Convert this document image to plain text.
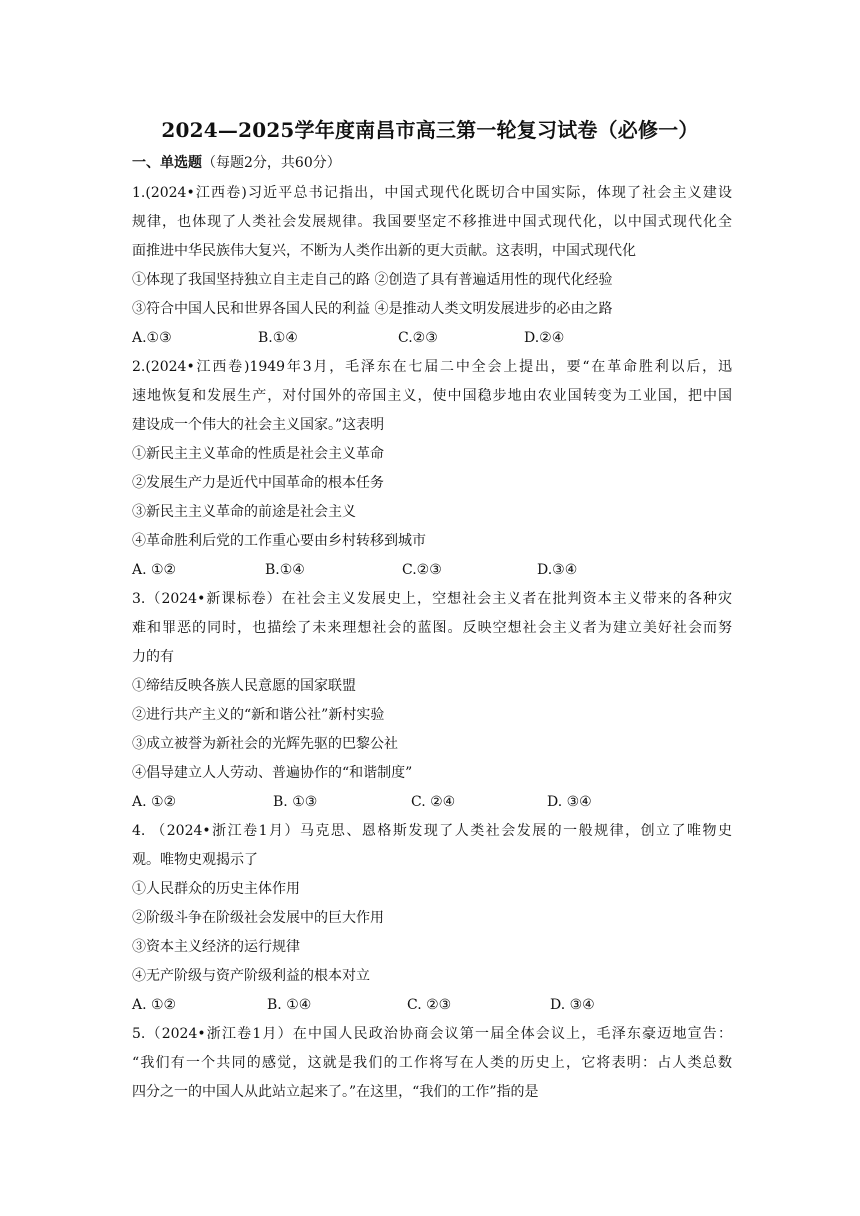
2024—2025学年度南昌市高三第一轮复习试卷（必修一）
一、单选题（每题2分，共60分）
1.(2024•江西卷)习近平总书记指出，中国式现代化既切合中国实际，体现了社会主义建设
规律，也体现了人类社会发展规律。我国要坚定不移推进中国式现代化，以中国式现代化全
面推进中华民族伟大复兴，不断为人类作出新的更大贡献。这表明，中国式现代化
①体现了我国坚持独立自主走自己的路 ②创造了具有普遍适用性的现代化经验
③符合中国人民和世界各国人民的利益 ④是推动人类文明发展进步的必由之路
A.①③	B.①④	C.②③	D.②④
2.(2024•江西卷)1949年3月，毛泽东在七届二中全会上提出，要“在革命胜利以后，迅
速地恢复和发展生产，对付国外的帝国主义，使中国稳步地由农业国转变为工业国，把中国
建设成一个伟大的社会主义国家。”这表明
①新民主主义革命的性质是社会主义革命
②发展生产力是近代中国革命的根本任务
③新民主主义革命的前途是社会主义
④革命胜利后党的工作重心要由乡村转移到城市
A. ①②	B.①④	C.②③	D.③④
3.（2024•新课标卷）在社会主义发展史上，空想社会主义者在批判资本主义带来的各种灾
难和罪恶的同时，也描绘了未来理想社会的蓝图。反映空想社会主义者为建立美好社会而努
力的有
①缔结反映各族人民意愿的国家联盟
②进行共产主义的“新和谐公社”新村实验
③成立被誉为新社会的光辉先驱的巴黎公社
④倡导建立人人劳动、普遍协作的“和谐制度”
A. ①②	B. ①③	C. ②④	D. ③④
4. （2024•浙江卷1月）马克思、恩格斯发现了人类社会发展的一般规律，创立了唯物史
观。唯物史观揭示了
①人民群众的历史主体作用
②阶级斗争在阶级社会发展中的巨大作用
③资本主义经济的运行规律
④无产阶级与资产阶级利益的根本对立
A. ①②	B. ①④	C. ②③	D. ③④
5.（2024•浙江卷1月）在中国人民政治协商会议第一届全体会议上，毛泽东豪迈地宣告：
“我们有一个共同的感觉，这就是我们的工作将写在人类的历史上，它将表明：占人类总数
四分之一的中国人从此站立起来了。”在这里，“我们的工作”指的是
